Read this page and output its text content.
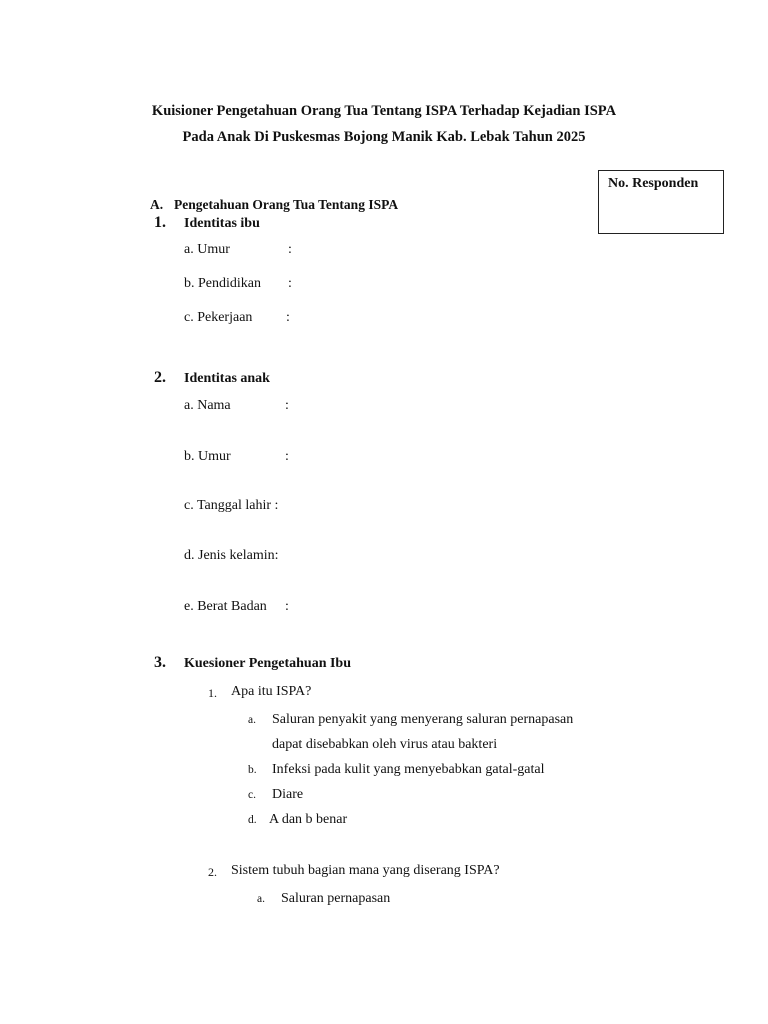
Kuisioner Pengetahuan Orang Tua Tentang ISPA Terhadap Kejadian ISPA
Pada Anak Di Puskesmas Bojong Manik Kab. Lebak Tahun 2025
No. Responden
A. Pengetahuan Orang Tua Tentang ISPA
1. Identitas ibu
a. Umur	:
b. Pendidikan :
c. Pekerjaan :
2. Identitas anak
a. Nama	:
b. Umur	:
c. Tanggal lahir :
d. Jenis kelamin:
e. Berat Badan :
3. Kuesioner Pengetahuan Ibu
1. Apa itu ISPA?
a. Saluran penyakit yang menyerang saluran pernapasan
dapat disebabkan oleh virus atau bakteri
b. Infeksi pada kulit yang menyebabkan gatal-gatal
c. Diare
d. A dan b benar
2. Sistem tubuh bagian mana yang diserang ISPA?
a. Saluran pernapasan
